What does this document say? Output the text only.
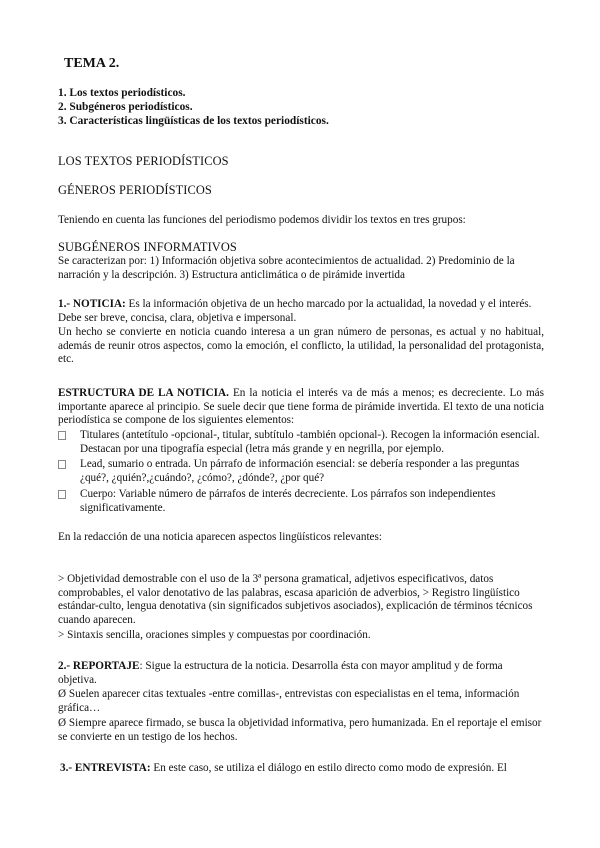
TEMA 2.
1. Los textos periodísticos.
2. Subgéneros periodísticos.
3. Características lingüísticas de los textos periodísticos.
LOS TEXTOS PERIODÍSTICOS
GÉNEROS PERIODÍSTICOS
Teniendo en cuenta las funciones del periodismo podemos dividir los textos en tres grupos:
SUBGÉNEROS INFORMATIVOS
Se caracterizan por: 1) Información objetiva sobre acontecimientos de actualidad. 2) Predominio de la narración y la descripción. 3) Estructura anticlimática o de pirámide invertida
1.- NOTICIA: Es la información objetiva de un hecho marcado por la actualidad, la novedad y el interés. Debe ser breve, concisa, clara, objetiva e impersonal.
Un hecho se convierte en noticia cuando interesa a un gran número de personas, es actual y no habitual, además de reunir otros aspectos, como la emoción, el conflicto, la utilidad, la personalidad del protagonista, etc.
ESTRUCTURA DE LA NOTICIA. En la noticia el interés va de más a menos; es decreciente. Lo más importante aparece al principio. Se suele decir que tiene forma de pirámide invertida. El texto de una noticia periodística se compone de los siguientes elementos:
Titulares (antetítulo -opcional-, titular, subtítulo -también opcional-). Recogen la información esencial. Destacan por una tipografía especial (letra más grande y en negrilla, por ejemplo.
Lead, sumario o entrada. Un párrafo de información esencial: se debería responder a las preguntas ¿qué?, ¿quién?,¿cuándo?, ¿cómo?, ¿dónde?, ¿por qué?
Cuerpo: Variable número de párrafos de interés decreciente. Los párrafos son independientes significativamente.
En la redacción de una noticia aparecen aspectos lingüísticos relevantes:
> Objetividad demostrable con el uso de la 3ª persona gramatical, adjetivos especificativos, datos comprobables, el valor denotativo de las palabras, escasa aparición de adverbios, > Registro lingüístico estándar-culto, lengua denotativa (sin significados subjetivos asociados), explicación de términos técnicos cuando aparecen.
> Sintaxis sencilla, oraciones simples y compuestas por coordinación.
2.- REPORTAJE: Sigue la estructura de la noticia. Desarrolla ésta con mayor amplitud y de forma objetiva.
Ø Suelen aparecer citas textuales -entre comillas-, entrevistas con especialistas en el tema, información gráfica…
Ø Siempre aparece firmado, se busca la objetividad informativa, pero humanizada. En el reportaje el emisor se convierte en un testigo de los hechos.
3.- ENTREVISTA: En este caso, se utiliza el diálogo en estilo directo como modo de expresión. El
